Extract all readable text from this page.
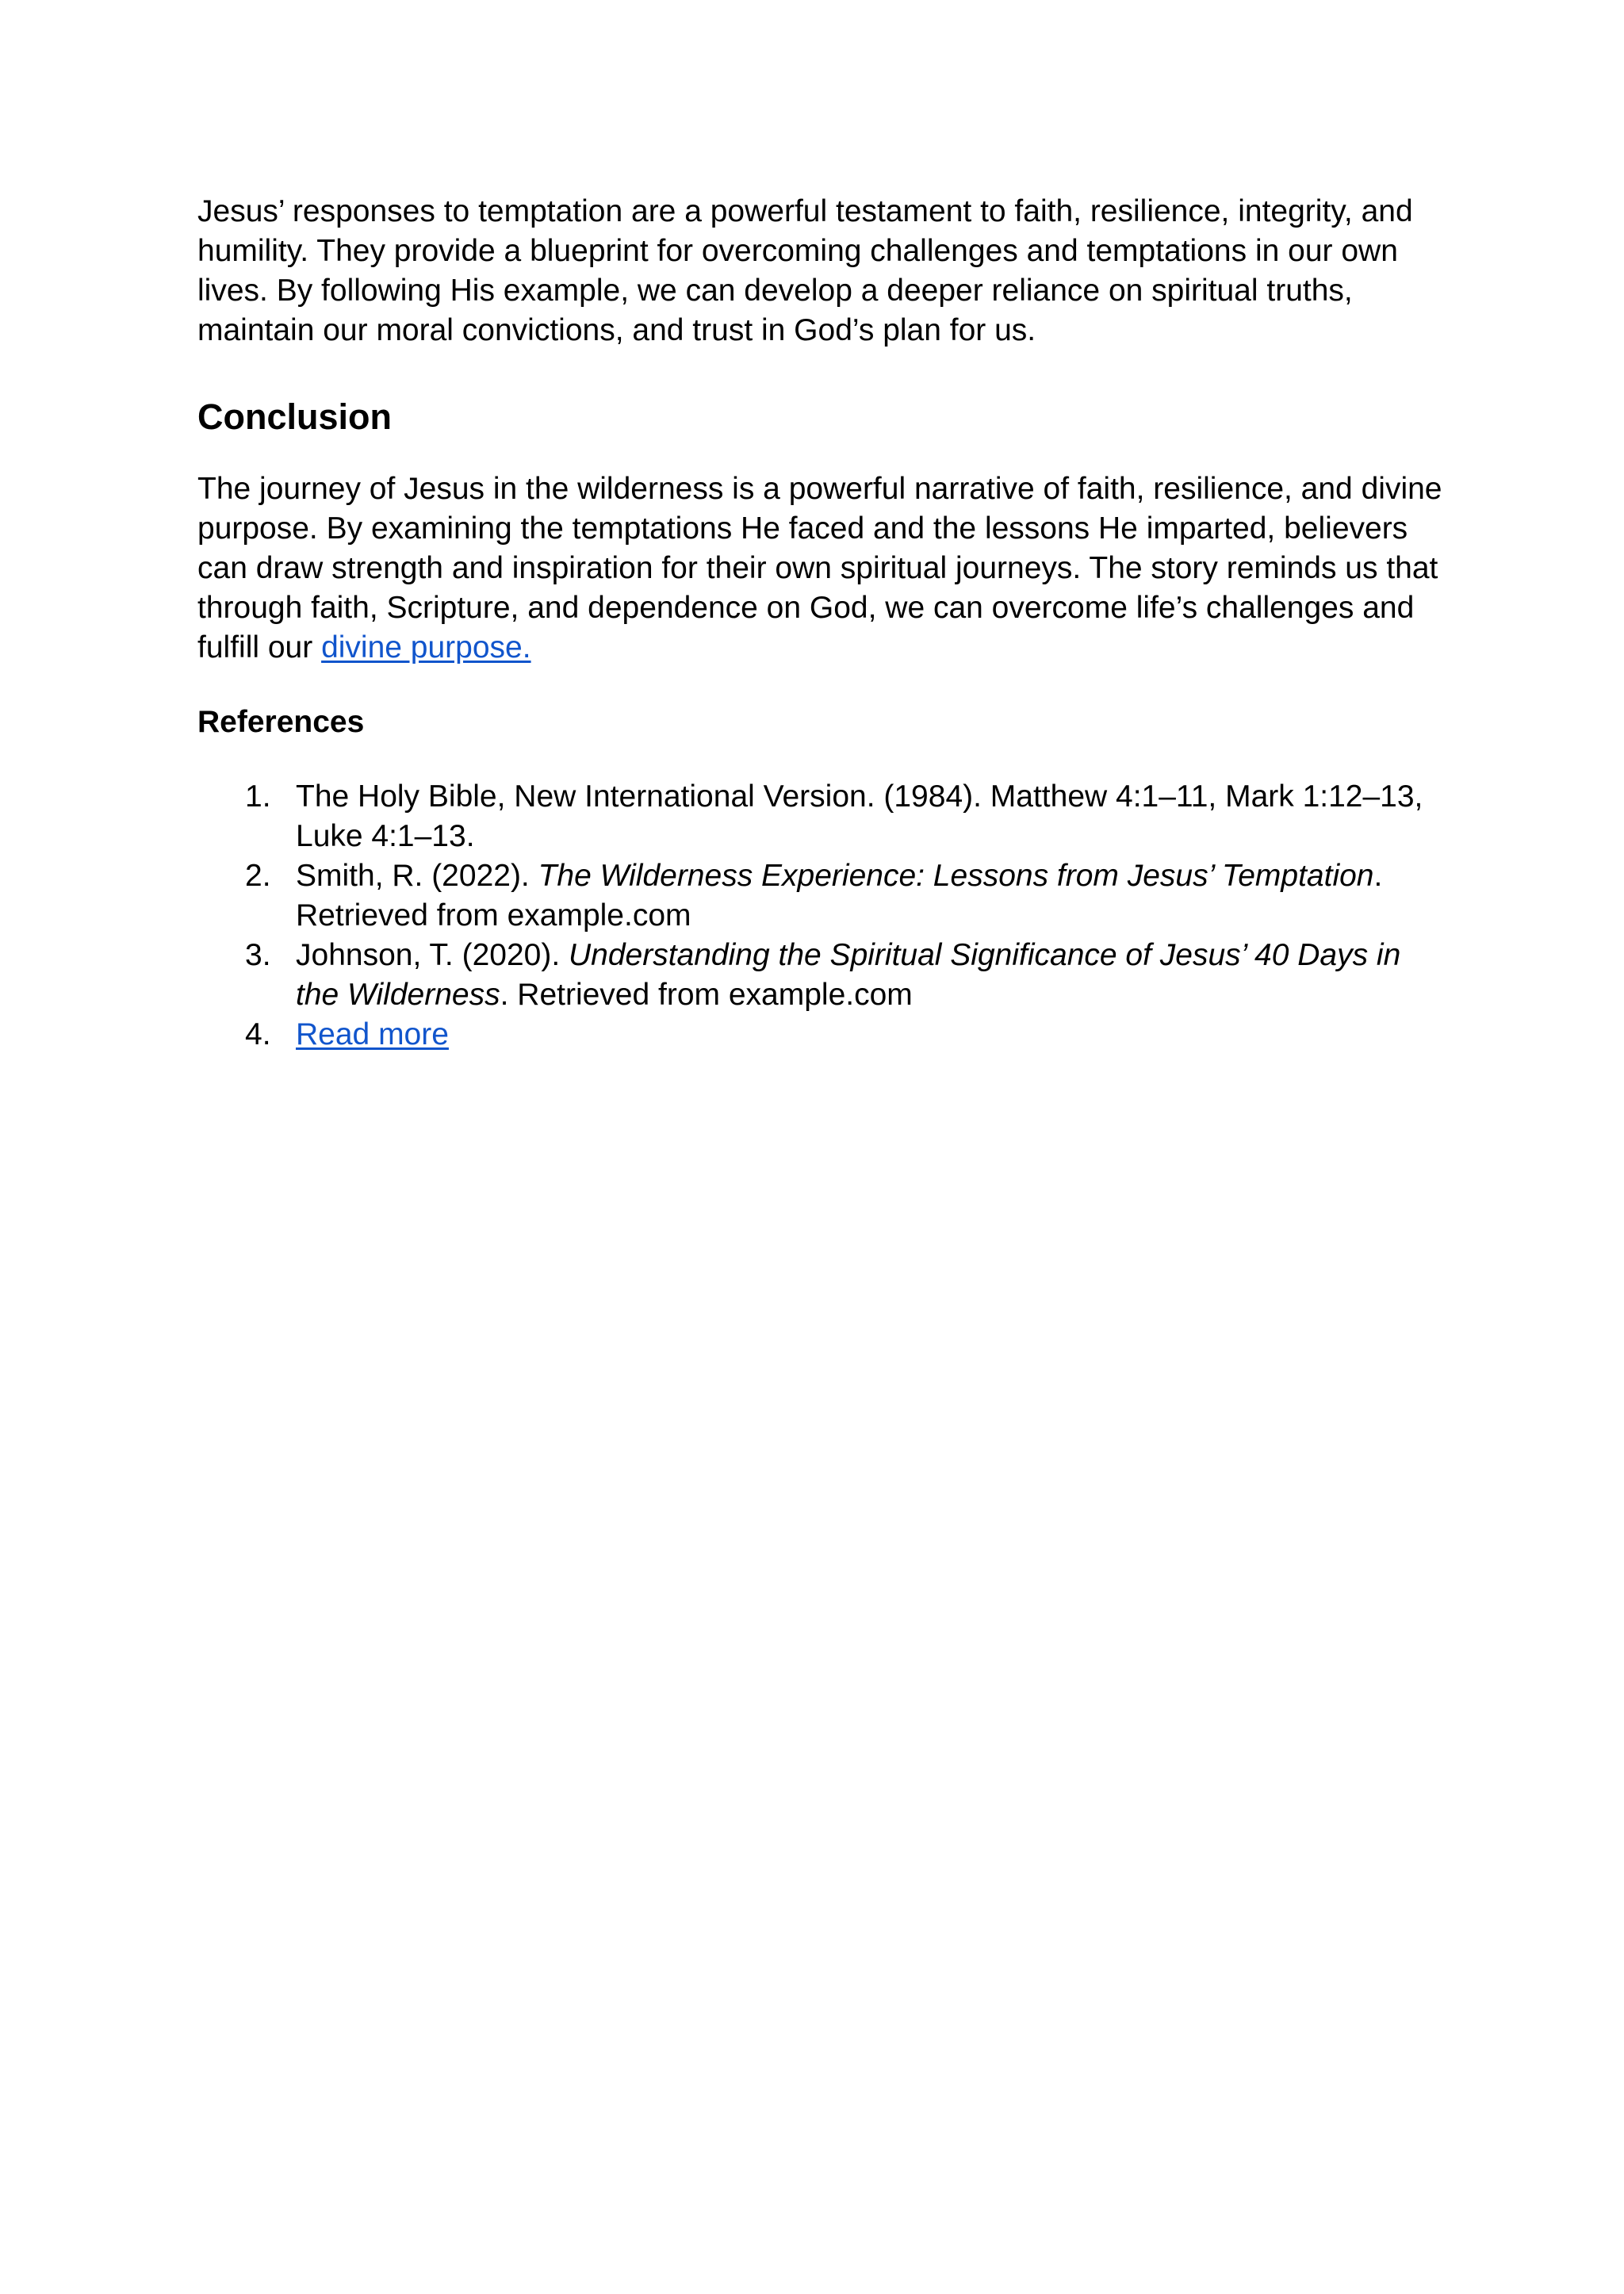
Jesus’ responses to temptation are a powerful testament to faith, resilience, integrity, and humility. They provide a blueprint for overcoming challenges and temptations in our own lives. By following His example, we can develop a deeper reliance on spiritual truths, maintain our moral convictions, and trust in God’s plan for us.

Conclusion

The journey of Jesus in the wilderness is a powerful narrative of faith, resilience, and divine purpose. By examining the temptations He faced and the lessons He imparted, believers can draw strength and inspiration for their own spiritual journeys. The story reminds us that through faith, Scripture, and dependence on God, we can overcome life’s challenges and fulfill our divine purpose.

References
1. The Holy Bible, New International Version. (1984). Matthew 4:1–11, Mark 1:12–13, Luke 4:1–13.
2. Smith, R. (2022). The Wilderness Experience: Lessons from Jesus’ Temptation. Retrieved from example.com
3. Johnson, T. (2020). Understanding the Spiritual Significance of Jesus’ 40 Days in the Wilderness. Retrieved from example.com
4. Read more
